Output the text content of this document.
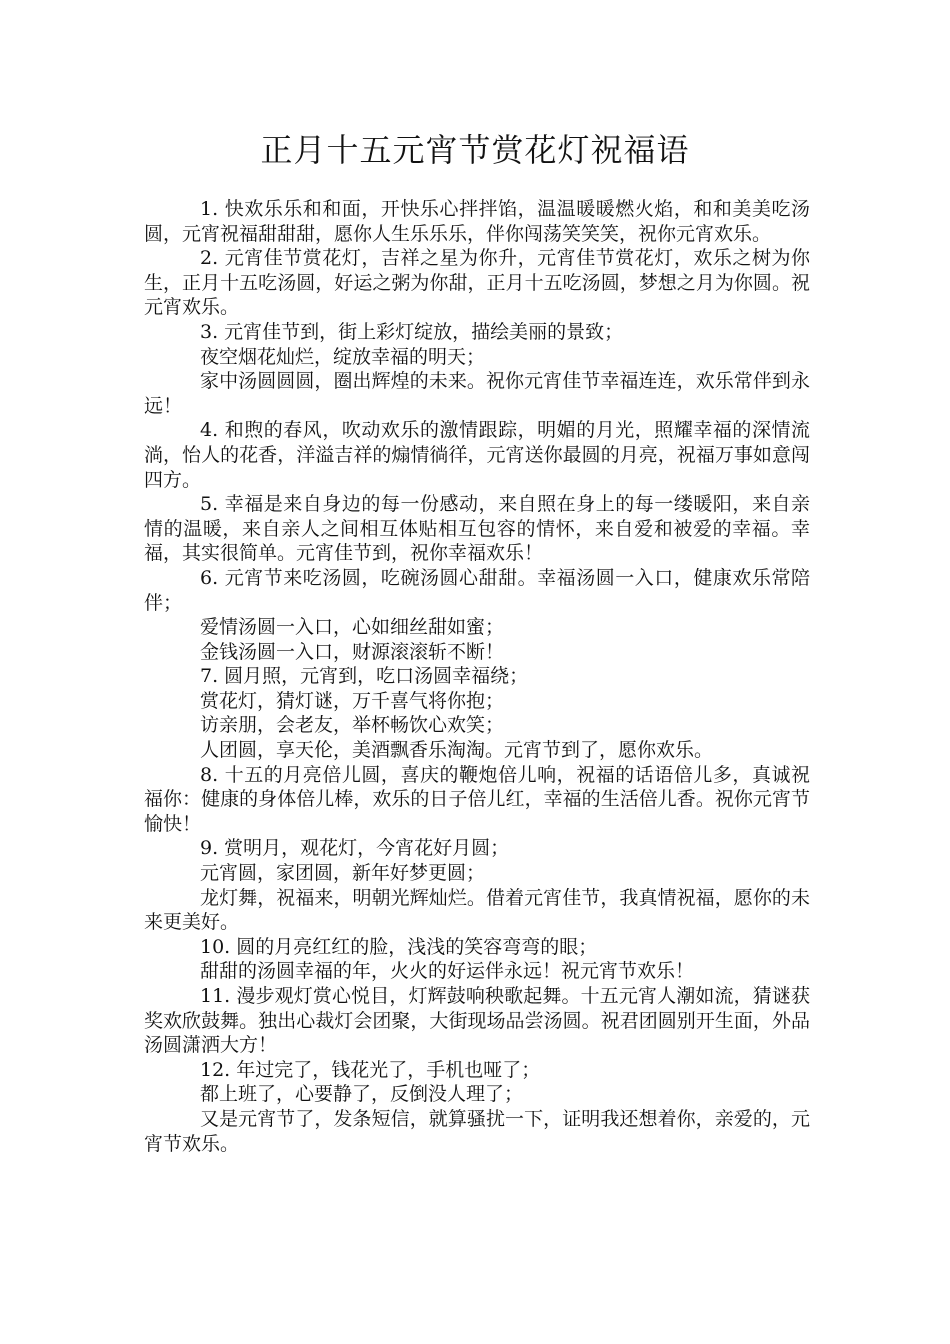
正月十五元宵节赏花灯祝福语

1. 快欢乐乐和和面，开快乐心拌拌馅，温温暖暖燃火焰，和和美美吃汤圆，元宵祝福甜甜甜，愿你人生乐乐乐，伴你闯荡笑笑笑，祝你元宵欢乐。

2. 元宵佳节赏花灯，吉祥之星为你升，元宵佳节赏花灯，欢乐之树为你生，正月十五吃汤圆，好运之粥为你甜，正月十五吃汤圆，梦想之月为你圆。祝元宵欢乐。

3. 元宵佳节到，街上彩灯绽放，描绘美丽的景致；

夜空烟花灿烂，绽放幸福的明天；

家中汤圆圆圆，圈出辉煌的未来。祝你元宵佳节幸福连连，欢乐常伴到永远！

4. 和煦的春风，吹动欢乐的激情跟踪，明媚的月光，照耀幸福的深情流淌，怡人的花香，洋溢吉祥的煽情徜徉，元宵送你最圆的月亮，祝福万事如意闯四方。

5. 幸福是来自身边的每一份感动，来自照在身上的每一缕暖阳，来自亲情的温暖，来自亲人之间相互体贴相互包容的情怀，来自爱和被爱的幸福。幸福，其实很简单。元宵佳节到，祝你幸福欢乐！

6. 元宵节来吃汤圆，吃碗汤圆心甜甜。幸福汤圆一入口，健康欢乐常陪伴；

爱情汤圆一入口，心如细丝甜如蜜；

金钱汤圆一入口，财源滚滚斩不断！

7. 圆月照，元宵到，吃口汤圆幸福绕；

赏花灯，猜灯谜，万千喜气将你抱；

访亲朋，会老友，举杯畅饮心欢笑；

人团圆，享天伦，美酒飘香乐淘淘。元宵节到了，愿你欢乐。

8. 十五的月亮倍儿圆，喜庆的鞭炮倍儿响，祝福的话语倍儿多，真诚祝福你：健康的身体倍儿棒，欢乐的日子倍儿红，幸福的生活倍儿香。祝你元宵节愉快！

9. 赏明月，观花灯，今宵花好月圆；

元宵圆，家团圆，新年好梦更圆；

龙灯舞，祝福来，明朝光辉灿烂。借着元宵佳节，我真情祝福，愿你的未来更美好。

10. 圆的月亮红红的脸，浅浅的笑容弯弯的眼；

甜甜的汤圆幸福的年，火火的好运伴永远！祝元宵节欢乐！

11. 漫步观灯赏心悦目，灯辉鼓响秧歌起舞。十五元宵人潮如流，猜谜获奖欢欣鼓舞。独出心裁灯会团聚，大街现场品尝汤圆。祝君团圆别开生面，外品汤圆潇洒大方！

12. 年过完了，钱花光了，手机也哑了；

都上班了，心要静了，反倒没人理了；

又是元宵节了，发条短信，就算骚扰一下，证明我还想着你，亲爱的，元宵节欢乐。
